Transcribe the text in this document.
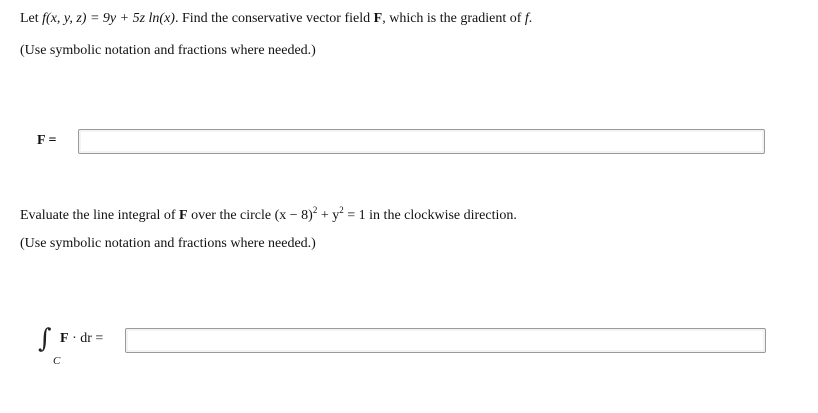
Let f(x, y, z) = 9y + 5z ln(x). Find the conservative vector field F, which is the gradient of f.
(Use symbolic notation and fractions where needed.)
F =
Evaluate the line integral of F over the circle $(x - 8)^2 + y^2 = 1$ in the clockwise direction.
(Use symbolic notation and fractions where needed.)
∫
C
F · dr =
